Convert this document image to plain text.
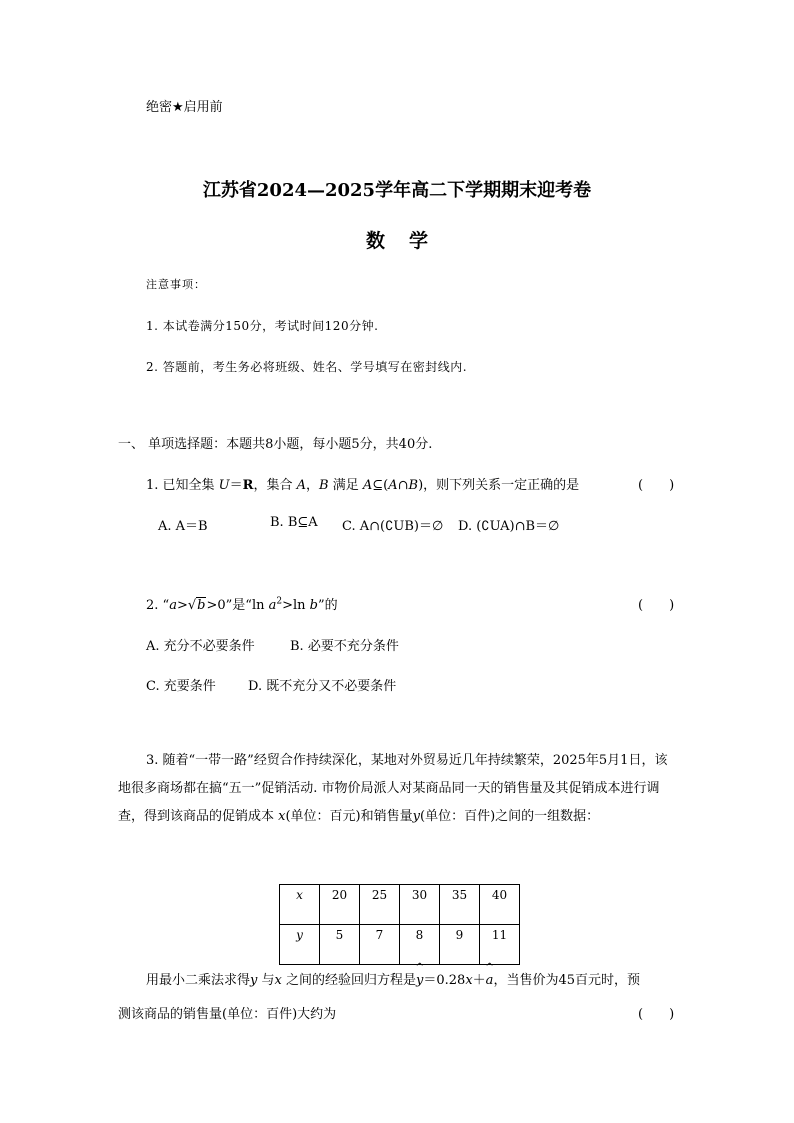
绝密★启用前
江苏省2024—2025学年高二下学期期末迎考卷
数学
注意事项：
1. 本试卷满分150分，考试时间120分钟.
2. 答题前，考生务必将班级、姓名、学号填写在密封线内.
一、 单项选择题：本题共8小题，每小题5分，共40分.
1. 已知全集 U＝R，集合 A，B 满足 A⊆(A∩B)，则下列关系一定正确的是	(　　)
A. A＝B	B. B⊆A C. A∩(∁UB)＝∅ D. (∁UA)∩B＝∅
2. “a>√b>0”是“ln $a^2>\ln$ b”的	(　　)
A. 充分不必要条件	B. 必要不充分条件
C. 充要条件 D. 既不充分又不必要条件
3. 随着“一带一路”经贸合作持续深化，某地对外贸易近几年持续繁荣，2025年5月1日，该地很多商场都在搞“五一”促销活动. 市物价局派人对某商品同一天的销售量及其促销成本进行调查，得到该商品的促销成本 x(单位：百元)和销售量y(单位：百件)之间的一组数据：
x	20	25	30	35	40
y	5	7	8	9	11
用最小二乘法求得y 与x 之间的经验回归方程是^ y＝0.28x＋^ a，当售价为45百元时，预
测该商品的销售量(单位：百件)大约为	(　　)
